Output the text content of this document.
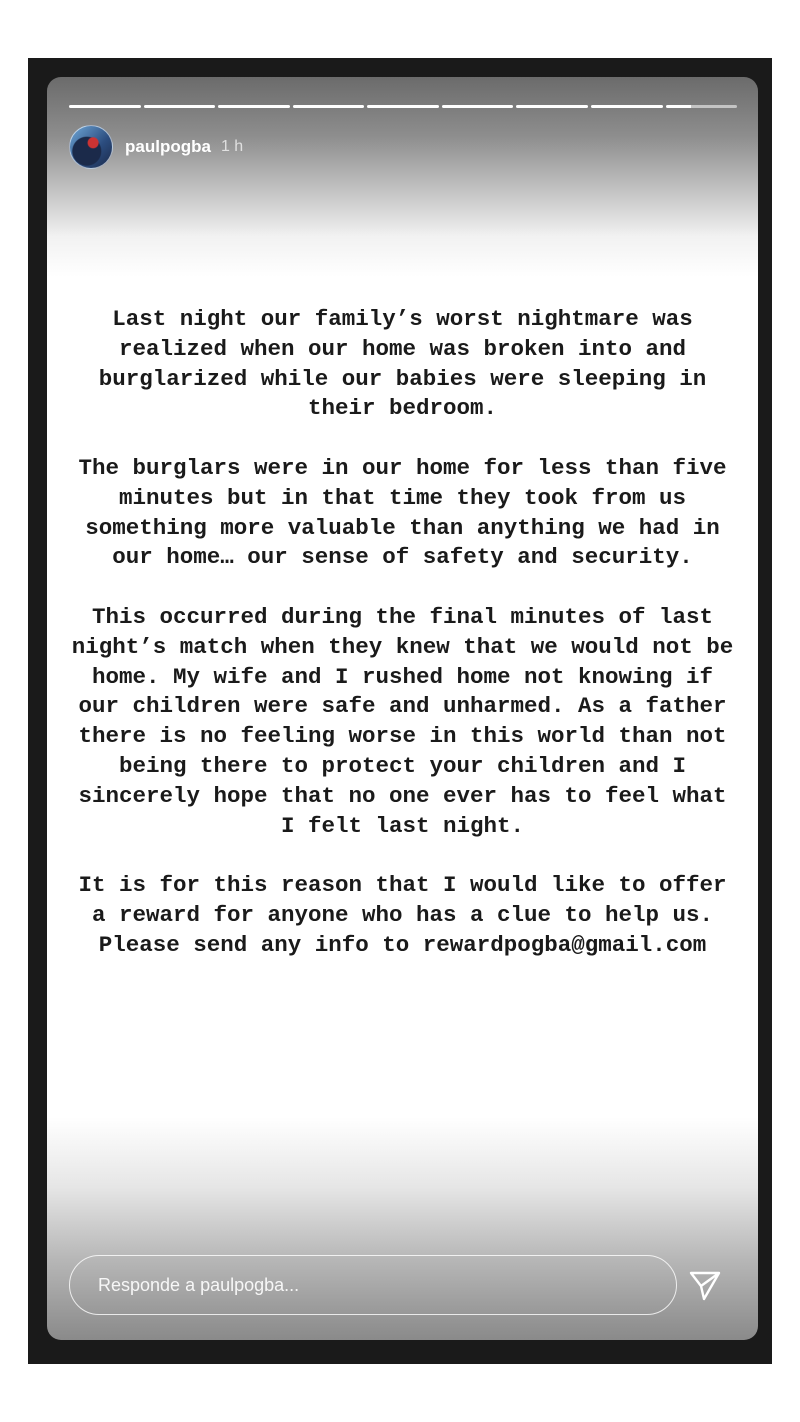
paulpogba 1 h

Last night our family’s worst nightmare was realized when our home was broken into and burglarized while our babies were sleeping in their bedroom.

The burglars were in our home for less than five minutes but in that time they took from us something more valuable than anything we had in our home… our sense of safety and security.

This occurred during the final minutes of last night’s match when they knew that we would not be home. My wife and I rushed home not knowing if our children were safe and unharmed. As a father there is no feeling worse in this world than not being there to protect your children and I sincerely hope that no one ever has to feel what I felt last night.

It is for this reason that I would like to offer a reward for anyone who has a clue to help us. Please send any info to rewardpogba@gmail.com

Responde a paulpogba...
